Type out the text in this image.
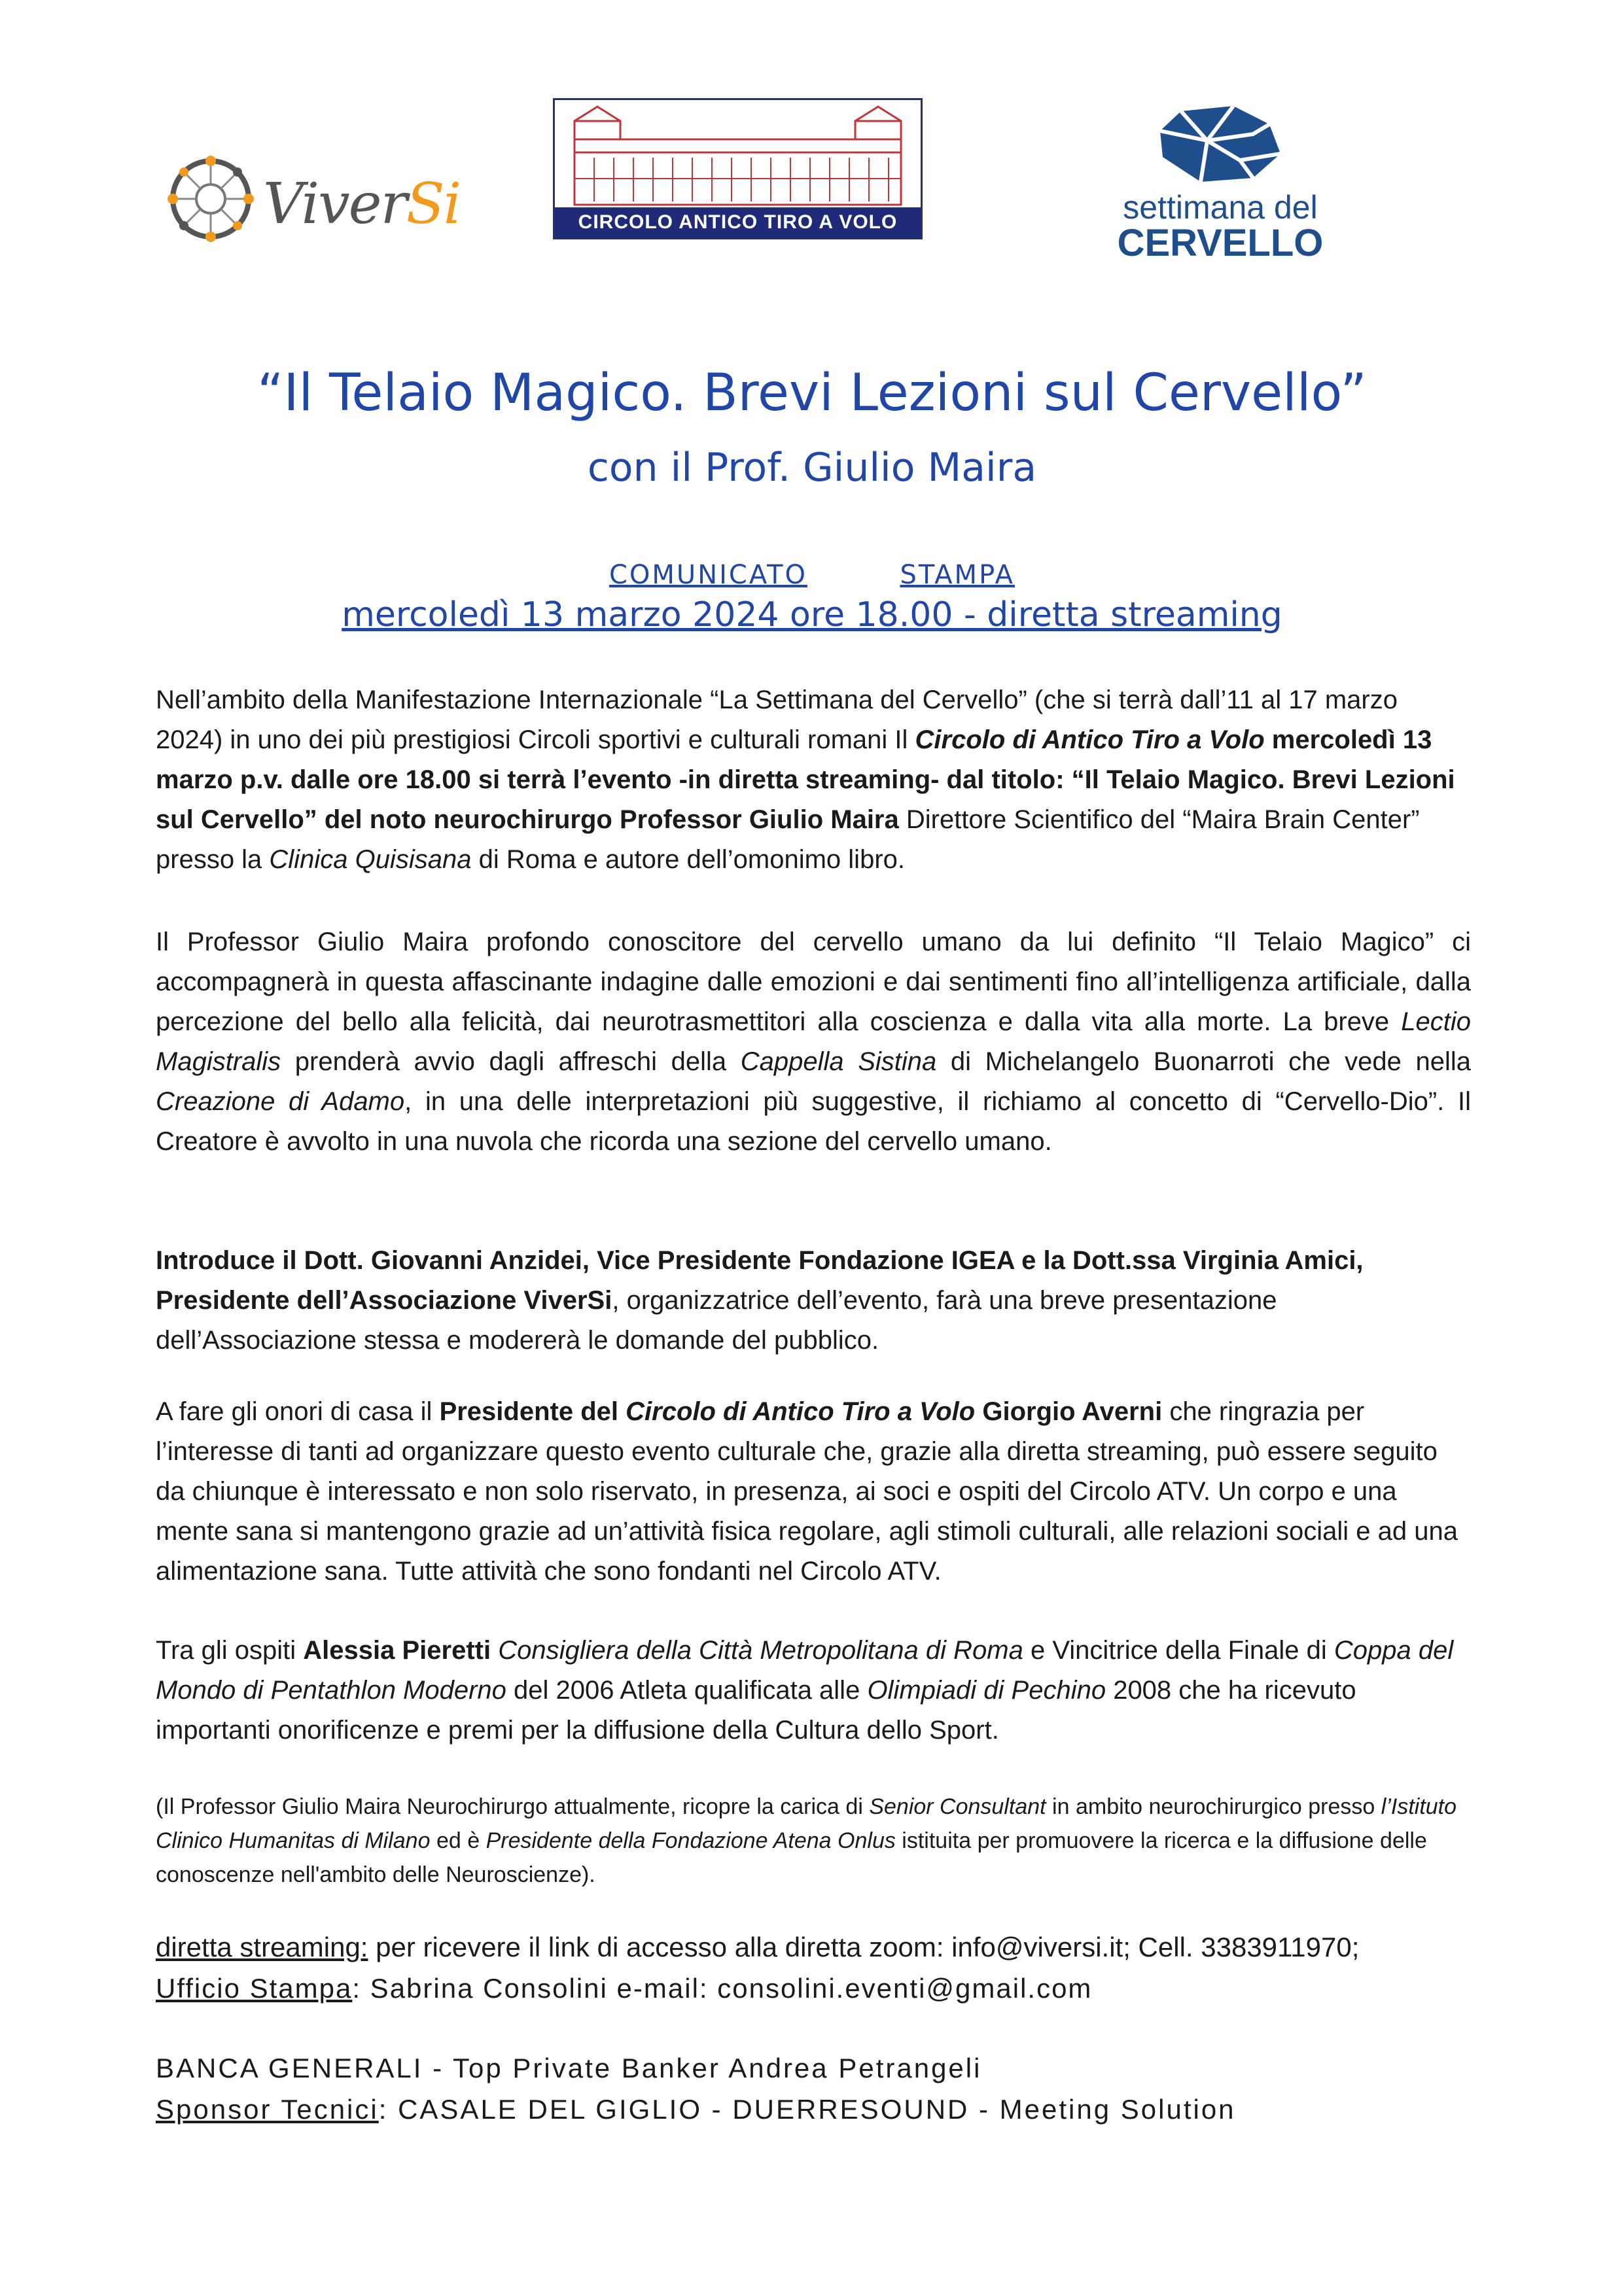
ViverSi	CIRCOLO ANTICO TIRO A VOLO	settimana del
CERVELLO
“Il Telaio Magico. Brevi Lezioni sul Cervello”
con il Prof. Giulio Maira
COMUNICATO	STAMPA
mercoledì 13 marzo 2024 ore 18.00 - diretta streaming
Nell’ambito della Manifestazione Internazionale “La Settimana del Cervello” (che si terrà dall’11 al 17 marzo 2024) in uno dei più prestigiosi Circoli sportivi e culturali romani Il Circolo di Antico Tiro a Volo mercoledì 13 marzo p.v. dalle ore 18.00 si terrà l’evento -in diretta streaming- dal titolo: “Il Telaio Magico. Brevi Lezioni sul Cervello” del noto neurochirurgo Professor Giulio Maira Direttore Scientifico del “Maira Brain Center” presso la Clinica Quisisana di Roma e autore dell’omonimo libro.
Il Professor Giulio Maira profondo conoscitore del cervello umano da lui definito “Il Telaio Magico” ci accompagnerà in questa affascinante indagine dalle emozioni e dai sentimenti fino all’intelligenza artificiale, dalla percezione del bello alla felicità, dai neurotrasmettitori alla coscienza e dalla vita alla morte. La breve Lectio Magistralis prenderà avvio dagli affreschi della Cappella Sistina di Michelangelo Buonarroti che vede nella Creazione di Adamo, in una delle interpretazioni più suggestive, il richiamo al concetto di “Cervello-Dio”. Il Creatore è avvolto in una nuvola che ricorda una sezione del cervello umano.
Introduce il Dott. Giovanni Anzidei, Vice Presidente Fondazione IGEA e la Dott.ssa Virginia Amici, Presidente dell’Associazione ViverSi, organizzatrice dell’evento, farà una breve presentazione dell’Associazione stessa e modererà le domande del pubblico.
A fare gli onori di casa il Presidente del Circolo di Antico Tiro a Volo Giorgio Averni che ringrazia per l’interesse di tanti ad organizzare questo evento culturale che, grazie alla diretta streaming, può essere seguito da chiunque è interessato e non solo riservato, in presenza, ai soci e ospiti del Circolo ATV. Un corpo e una mente sana si mantengono grazie ad un’attività fisica regolare, agli stimoli culturali, alle relazioni sociali e ad una alimentazione sana. Tutte attività che sono fondanti nel Circolo ATV.
Tra gli ospiti Alessia Pieretti Consigliera della Città Metropolitana di Roma e Vincitrice della Finale di Coppa del Mondo di Pentathlon Moderno del 2006 Atleta qualificata alle Olimpiadi di Pechino 2008 che ha ricevuto importanti onorificenze e premi per la diffusione della Cultura dello Sport.
(Il Professor Giulio Maira Neurochirurgo attualmente, ricopre la carica di Senior Consultant in ambito neurochirurgico presso l’Istituto Clinico Humanitas di Milano ed è Presidente della Fondazione Atena Onlus istituita per promuovere la ricerca e la diffusione delle conoscenze nell'ambito delle Neuroscienze).
diretta streaming: per ricevere il link di accesso alla diretta zoom: info@viversi.it; Cell. 3383911970;
Ufficio Stampa: Sabrina Consolini e-mail: consolini.eventi@gmail.com
BANCA GENERALI - Top Private Banker Andrea Petrangeli
Sponsor Tecnici: CASALE DEL GIGLIO - DUERRESOUND - Meeting Solution
